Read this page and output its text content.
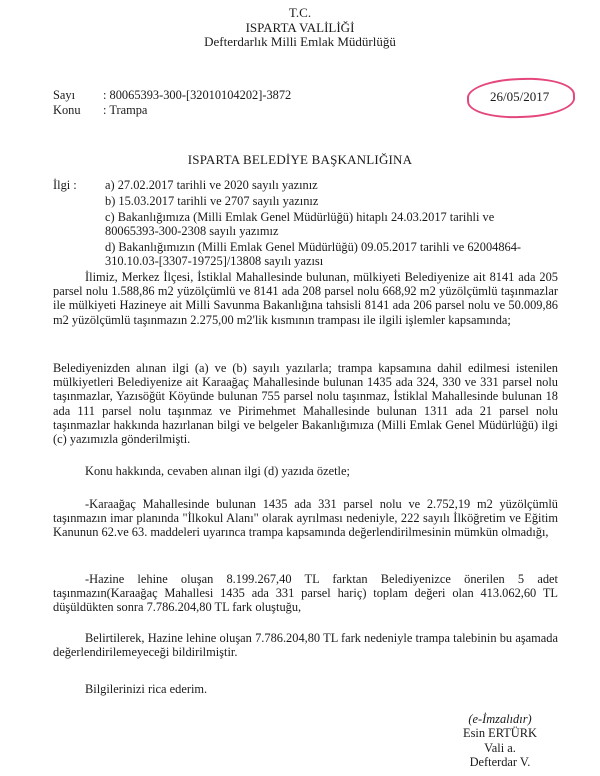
T.C.
ISPARTA VALİLİĞİ
Defterdarlık Milli Emlak Müdürlüğü
Sayı : 80065393-300-[32010104202]-3872
Konu : Trampa
26/05/2017
ISPARTA BELEDİYE BAŞKANLIĞINA
İlgi : a) 27.02.2017 tarihli ve 2020 sayılı yazınız
b) 15.03.2017 tarihli ve 2707 sayılı yazınız
c) Bakanlığımıza (Milli Emlak Genel Müdürlüğü) hitaplı 24.03.2017 tarihli ve 80065393-300-2308 sayılı yazımız
d) Bakanlığımızın (Milli Emlak Genel Müdürlüğü) 09.05.2017 tarihli ve 62004864-310.10.03-[3307-19725]/13808 sayılı yazısı
İlimiz, Merkez İlçesi, İstiklal Mahallesinde bulunan, mülkiyeti Belediyenize ait 8141 ada 205 parsel nolu 1.588,86 m2 yüzölçümlü ve 8141 ada 208 parsel nolu 668,92 m2 yüzölçümlü taşınmazlar ile mülkiyeti Hazineye ait Milli Savunma Bakanlığına tahsisli 8141 ada 206 parsel nolu ve 50.009,86 m2 yüzölçümlü taşınmazın 2.275,00 m2'lik kısmının trampası ile ilgili işlemler kapsamında;
Belediyenizden alınan ilgi (a) ve (b) sayılı yazılarla; trampa kapsamına dahil edilmesi istenilen mülkiyetleri Belediyenize ait Karaağaç Mahallesinde bulunan 1435 ada 324, 330 ve 331 parsel nolu taşınmazlar, Yazısöğüt Köyünde bulunan 755 parsel nolu taşınmaz, İstiklal Mahallesinde bulunan 18 ada 111 parsel nolu taşınmaz ve Pirimehmet Mahallesinde bulunan 1311 ada 21 parsel nolu taşınmazlar hakkında hazırlanan bilgi ve belgeler Bakanlığımıza (Milli Emlak Genel Müdürlüğü) ilgi (c) yazımızla gönderilmişti.
Konu hakkında, cevaben alınan ilgi (d) yazıda özetle;
-Karaağaç Mahallesinde bulunan 1435 ada 331 parsel nolu ve 2.752,19 m2 yüzölçümlü taşınmazın imar planında "İlkokul Alanı" olarak ayrılması nedeniyle, 222 sayılı İlköğretim ve Eğitim Kanunun 62.ve 63. maddeleri uyarınca trampa kapsamında değerlendirilmesinin mümkün olmadığı,
-Hazine lehine oluşan 8.199.267,40 TL farktan Belediyenizce önerilen 5 adet taşınmazın(Karaağaç Mahallesi 1435 ada 331 parsel hariç) toplam değeri olan 413.062,60 TL düşüldükten sonra 7.786.204,80 TL fark oluştuğu,
Belirtilerek, Hazine lehine oluşan 7.786.204,80 TL fark nedeniyle trampa talebinin bu aşamada değerlendirilemeyeceği bildirilmiştir.
Bilgilerinizi rica ederim.
(e-İmzalıdır)
Esin ERTÜRK
Vali a.
Defterdar V.
